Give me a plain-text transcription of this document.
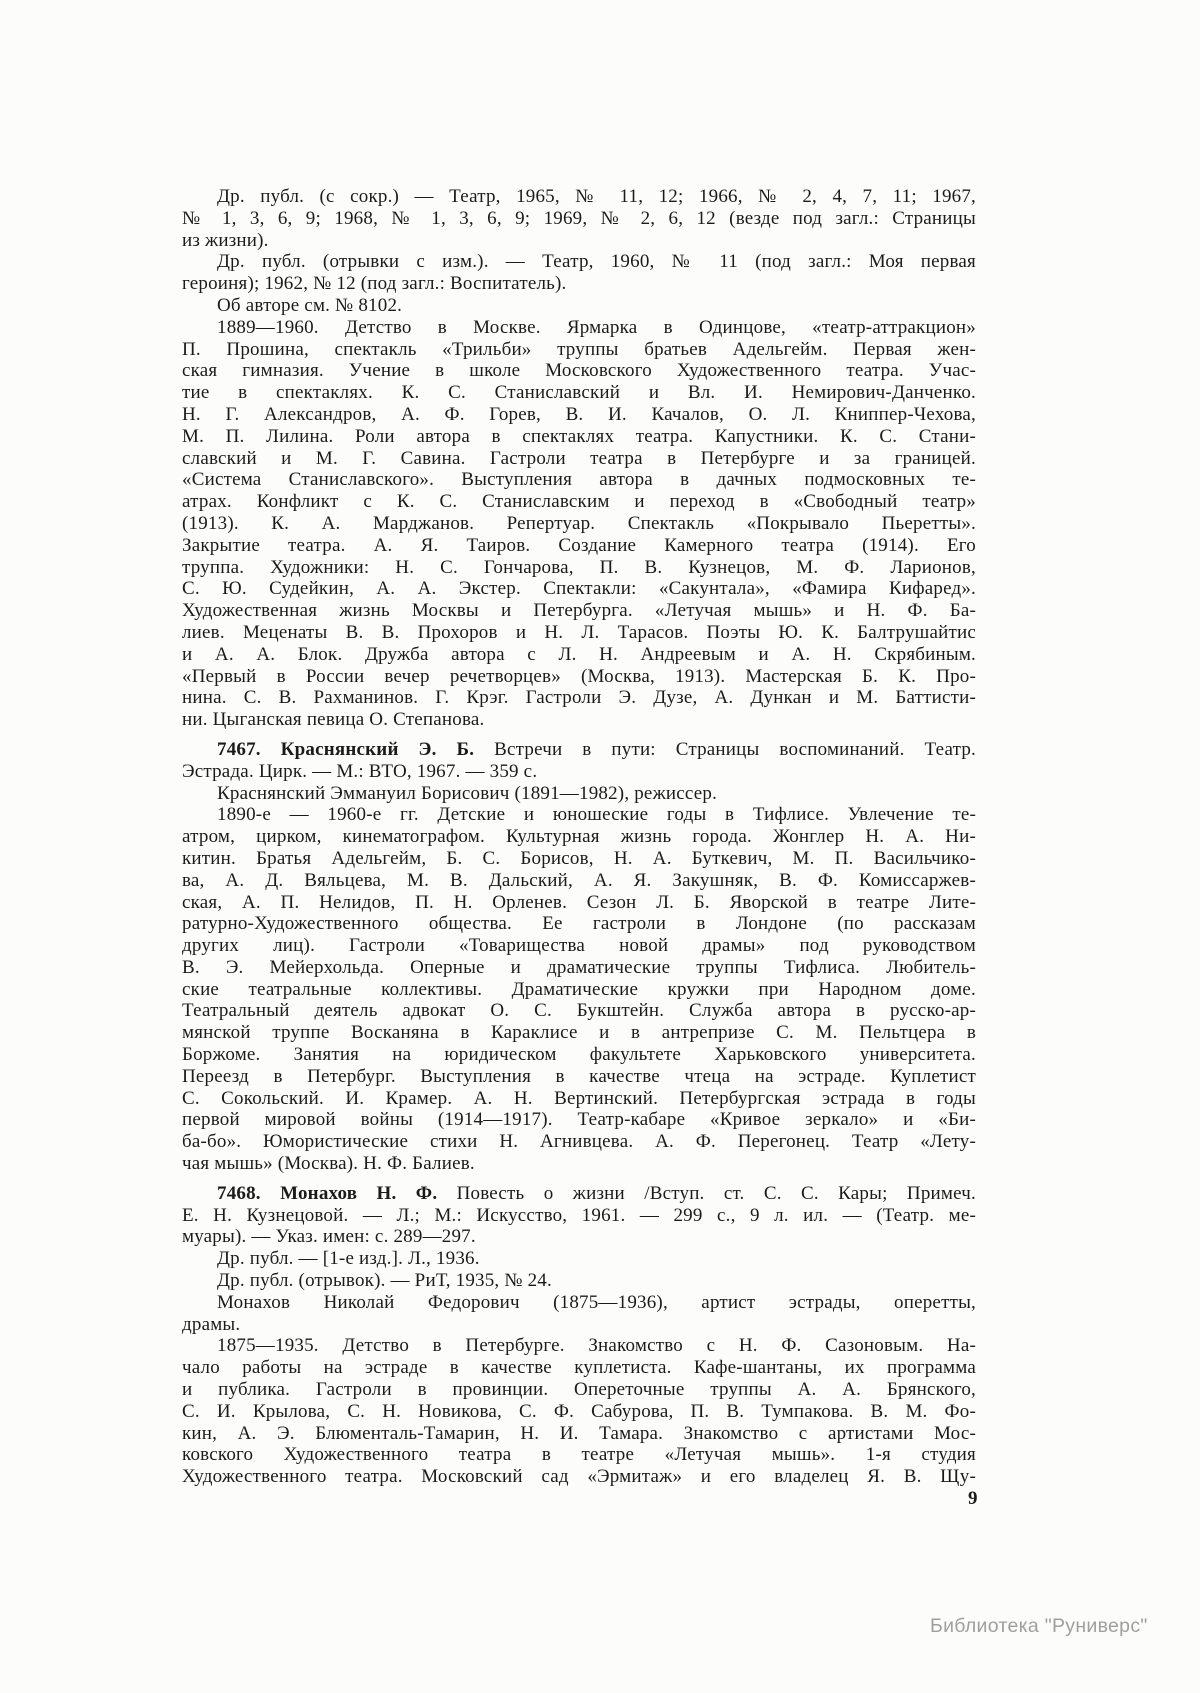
Др. публ. (с сокр.) — Театр, 1965, № 11, 12; 1966, № 2, 4, 7, 11; 1967,
№ 1, 3, 6, 9; 1968, № 1, 3, 6, 9; 1969, № 2, 6, 12 (везде под загл.: Страницы
из жизни).
Др. публ. (отрывки с изм.). — Театр, 1960, № 11 (под загл.: Моя первая
героиня); 1962, № 12 (под загл.: Воспитатель).
Об авторе см. № 8102.
1889—1960. Детство в Москве. Ярмарка в Одинцове, «театр-аттракцион»
П. Прошина, спектакль «Трильби» труппы братьев Адельгейм. Первая жен-
ская гимназия. Учение в школе Московского Художественного театра. Учас-
тие в спектаклях. К. С. Станиславский и Вл. И. Немирович-Данченко.
Н. Г. Александров, А. Ф. Горев, В. И. Качалов, О. Л. Книппер-Чехова,
М. П. Лилина. Роли автора в спектаклях театра. Капустники. К. С. Стани-
славский и М. Г. Савина. Гастроли театра в Петербурге и за границей.
«Система Станиславского». Выступления автора в дачных подмосковных те-
атрах. Конфликт с К. С. Станиславским и переход в «Свободный театр»
(1913). К. А. Марджанов. Репертуар. Спектакль «Покрывало Пьеретты».
Закрытие театра. А. Я. Таиров. Создание Камерного театра (1914). Его
труппа. Художники: Н. С. Гончарова, П. В. Кузнецов, М. Ф. Ларионов,
С. Ю. Судейкин, А. А. Экстер. Спектакли: «Сакунтала», «Фамира Кифаред».
Художественная жизнь Москвы и Петербурга. «Летучая мышь» и Н. Ф. Ба-
лиев. Меценаты В. В. Прохоров и Н. Л. Тарасов. Поэты Ю. К. Балтрушайтис
и А. А. Блок. Дружба автора с Л. Н. Андреевым и А. Н. Скрябиным.
«Первый в России вечер речетворцев» (Москва, 1913). Мастерская Б. К. Про-
нина. С. В. Рахманинов. Г. Крэг. Гастроли Э. Дузе, А. Дункан и М. Баттисти-
ни. Цыганская певица О. Степанова.
7467. Краснянский Э. Б. Встречи в пути: Страницы воспоминаний. Театр.
Эстрада. Цирк. — М.: ВТО, 1967. — 359 с.
Краснянский Эммануил Борисович (1891—1982), режиссер.
1890-е — 1960-е гг. Детские и юношеские годы в Тифлисе. Увлечение те-
атром, цирком, кинематографом. Культурная жизнь города. Жонглер Н. А. Ни-
китин. Братья Адельгейм, Б. С. Борисов, Н. А. Буткевич, М. П. Васильчико-
ва, А. Д. Вяльцева, М. В. Дальский, А. Я. Закушняк, В. Ф. Комиссаржев-
ская, А. П. Нелидов, П. Н. Орленев. Сезон Л. Б. Яворской в театре Лите-
ратурно-Художественного общества. Ее гастроли в Лондоне (по рассказам
других лиц). Гастроли «Товарищества новой драмы» под руководством
В. Э. Мейерхольда. Оперные и драматические труппы Тифлиса. Любитель-
ские театральные коллективы. Драматические кружки при Народном доме.
Театральный деятель адвокат О. С. Букштейн. Служба автора в русско-ар-
мянской труппе Восканяна в Караклисе и в антрепризе С. М. Пельтцера в
Боржоме. Занятия на юридическом факультете Харьковского университета.
Переезд в Петербург. Выступления в качестве чтеца на эстраде. Куплетист
С. Сокольский. И. Крамер. А. Н. Вертинский. Петербургская эстрада в годы
первой мировой войны (1914—1917). Театр-кабаре «Кривое зеркало» и «Би-
ба-бо». Юмористические стихи Н. Агнивцева. А. Ф. Перегонец. Театр «Лету-
чая мышь» (Москва). Н. Ф. Балиев.
7468. Монахов Н. Ф. Повесть о жизни /Вступ. ст. С. С. Кары; Примеч.
Е. Н. Кузнецовой. — Л.; М.: Искусство, 1961. — 299 с., 9 л. ил. — (Театр. ме-
муары). — Указ. имен: с. 289—297.
Др. публ. — [1-е изд.]. Л., 1936.
Др. публ. (отрывок). — РиТ, 1935, № 24.
Монахов Николай Федорович (1875—1936), артист эстрады, оперетты,
драмы.
1875—1935. Детство в Петербурге. Знакомство с Н. Ф. Сазоновым. На-
чало работы на эстраде в качестве куплетиста. Кафе-шантаны, их программа
и публика. Гастроли в провинции. Опереточные труппы А. А. Брянского,
С. И. Крылова, С. Н. Новикова, С. Ф. Сабурова, П. В. Тумпакова. В. М. Фо-
кин, А. Э. Блюменталь-Тамарин, Н. И. Тамара. Знакомство с артистами Мос-
ковского Художественного театра в театре «Летучая мышь». 1-я студия
Художественного театра. Московский сад «Эрмитаж» и его владелец Я. В. Щу-
9
Библиотека "Руниверс"
